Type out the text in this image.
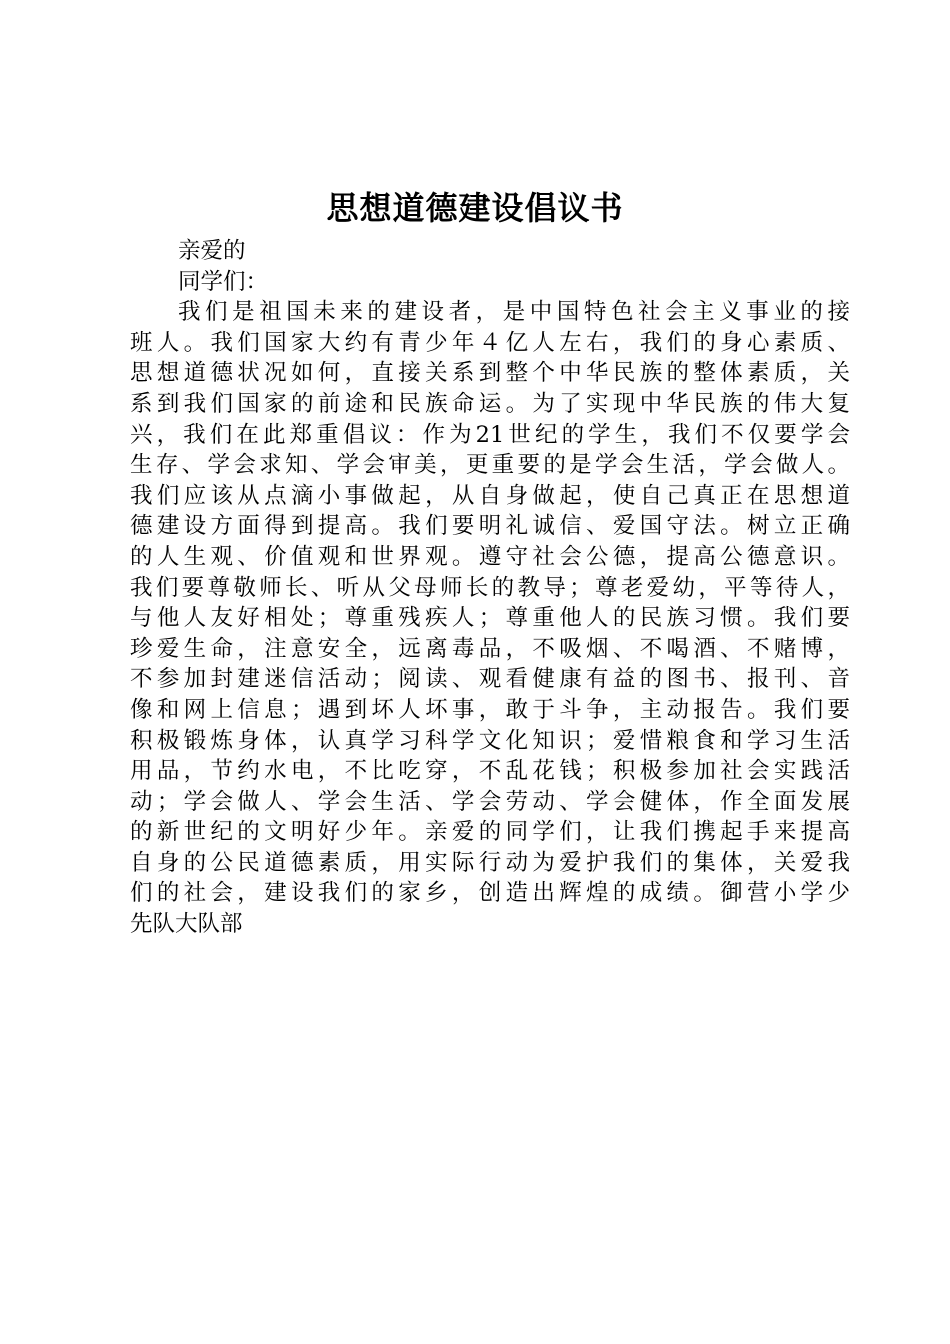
思想道德建设倡议书
亲爱的
同学们：
我们是祖国未来的建设者，是中国特色社会主义事业的接
班人。我们国家大约有青少年４亿人左右，我们的身心素质、
思想道德状况如何，直接关系到整个中华民族的整体素质，关
系到我们国家的前途和民族命运。为了实现中华民族的伟大复
兴，我们在此郑重倡议：作为21世纪的学生，我们不仅要学会
生存、学会求知、学会审美，更重要的是学会生活，学会做人。
我们应该从点滴小事做起，从自身做起，使自己真正在思想道
德建设方面得到提高。我们要明礼诚信、爱国守法。树立正确
的人生观、价值观和世界观。遵守社会公德，提高公德意识。
我们要尊敬师长、听从父母师长的教导；尊老爱幼，平等待人，
与他人友好相处；尊重残疾人；尊重他人的民族习惯。我们要
珍爱生命，注意安全，远离毒品，不吸烟、不喝酒、不赌博，
不参加封建迷信活动；阅读、观看健康有益的图书、报刊、音
像和网上信息；遇到坏人坏事，敢于斗争，主动报告。我们要
积极锻炼身体，认真学习科学文化知识；爱惜粮食和学习生活
用品，节约水电，不比吃穿，不乱花钱；积极参加社会实践活
动；学会做人、学会生活、学会劳动、学会健体，作全面发展
的新世纪的文明好少年。亲爱的同学们，让我们携起手来提高
自身的公民道德素质，用实际行动为爱护我们的集体，关爱我
们的社会，建设我们的家乡，创造出辉煌的成绩。御营小学少
先队大队部
